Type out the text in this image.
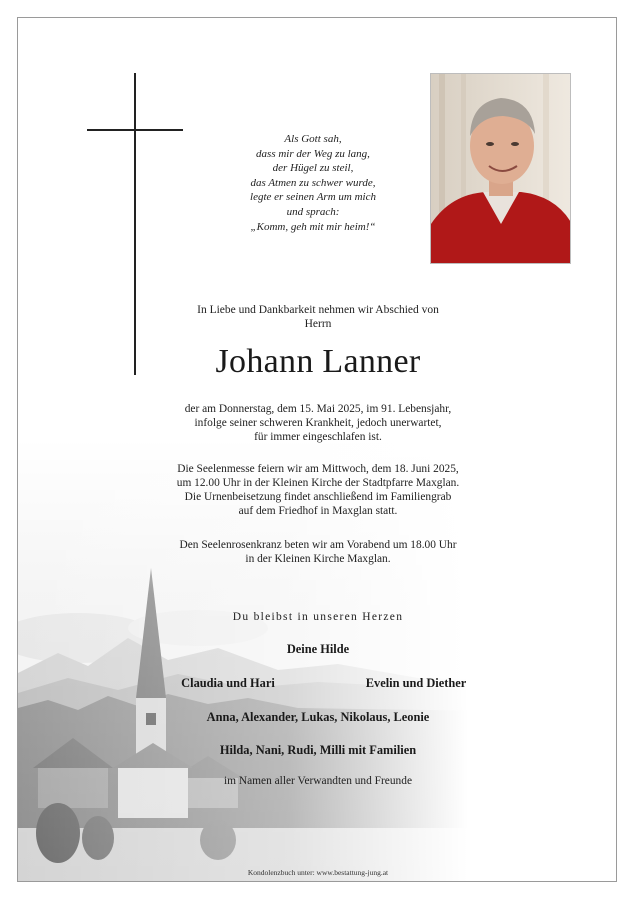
Als Gott sah,
dass mir der Weg zu lang,
der Hügel zu steil,
das Atmen zu schwer wurde,
legte er seinen Arm um mich
und sprach:
„Komm, geh mit mir heim!“
In Liebe und Dankbarkeit nehmen wir Abschied von
Herrn
Johann Lanner
der am Donnerstag, dem 15. Mai 2025, im 91. Lebensjahr,
infolge seiner schweren Krankheit, jedoch unerwartet,
für immer eingeschlafen ist.
Die Seelenmesse feiern wir am Mittwoch, dem 18. Juni 2025,
um 12.00 Uhr in der Kleinen Kirche der Stadtpfarre Maxglan.
Die Urnenbeisetzung findet anschließend im Familiengrab
auf dem Friedhof in Maxglan statt.
Den Seelenrosenkranz beten wir am Vorabend um 18.00 Uhr
in der Kleinen Kirche Maxglan.
Du bleibst in unseren Herzen
Deine Hilde
Claudia und Hari	Evelin und Diether
Anna, Alexander, Lukas, Nikolaus, Leonie
Hilda, Nani, Rudi, Milli mit Familien
im Namen aller Verwandten und Freunde
Kondolenzbuch unter: www.bestattung-jung.at
